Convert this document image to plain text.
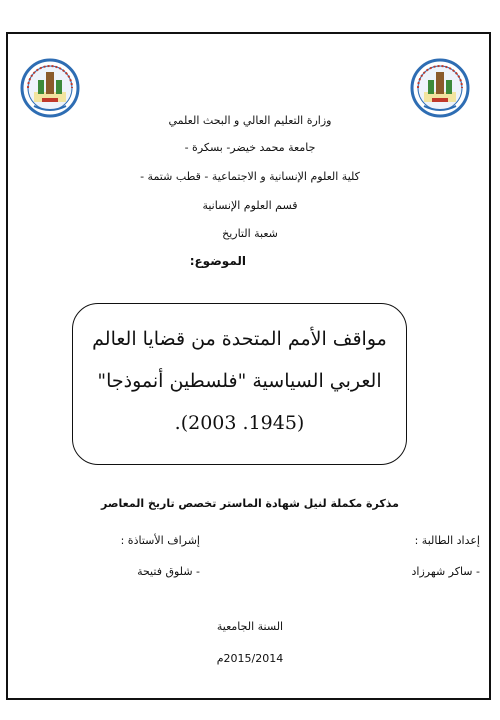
وزارة التعليم العالي و البحث العلمي
جامعة محمد خيضر- بسكرة -
كلية العلوم الإنسانية و الاجتماعية - قطب شتمة -
قسم العلوم الإنسانية
شعبة التاريخ
الموضوع:
مواقف الأمم المتحدة من قضايا العالم
العربي السياسية "فلسطين أنموذجا"
(1945. 2003).
مذكرة مكملة لنيل شهادة الماستر تخصص تاريخ المعاصر
إعداد الطالبة :
- ساكر شهرزاد
إشراف الأستاذة :
- شلوق فتيحة
السنة الجامعية
2015/2014م
